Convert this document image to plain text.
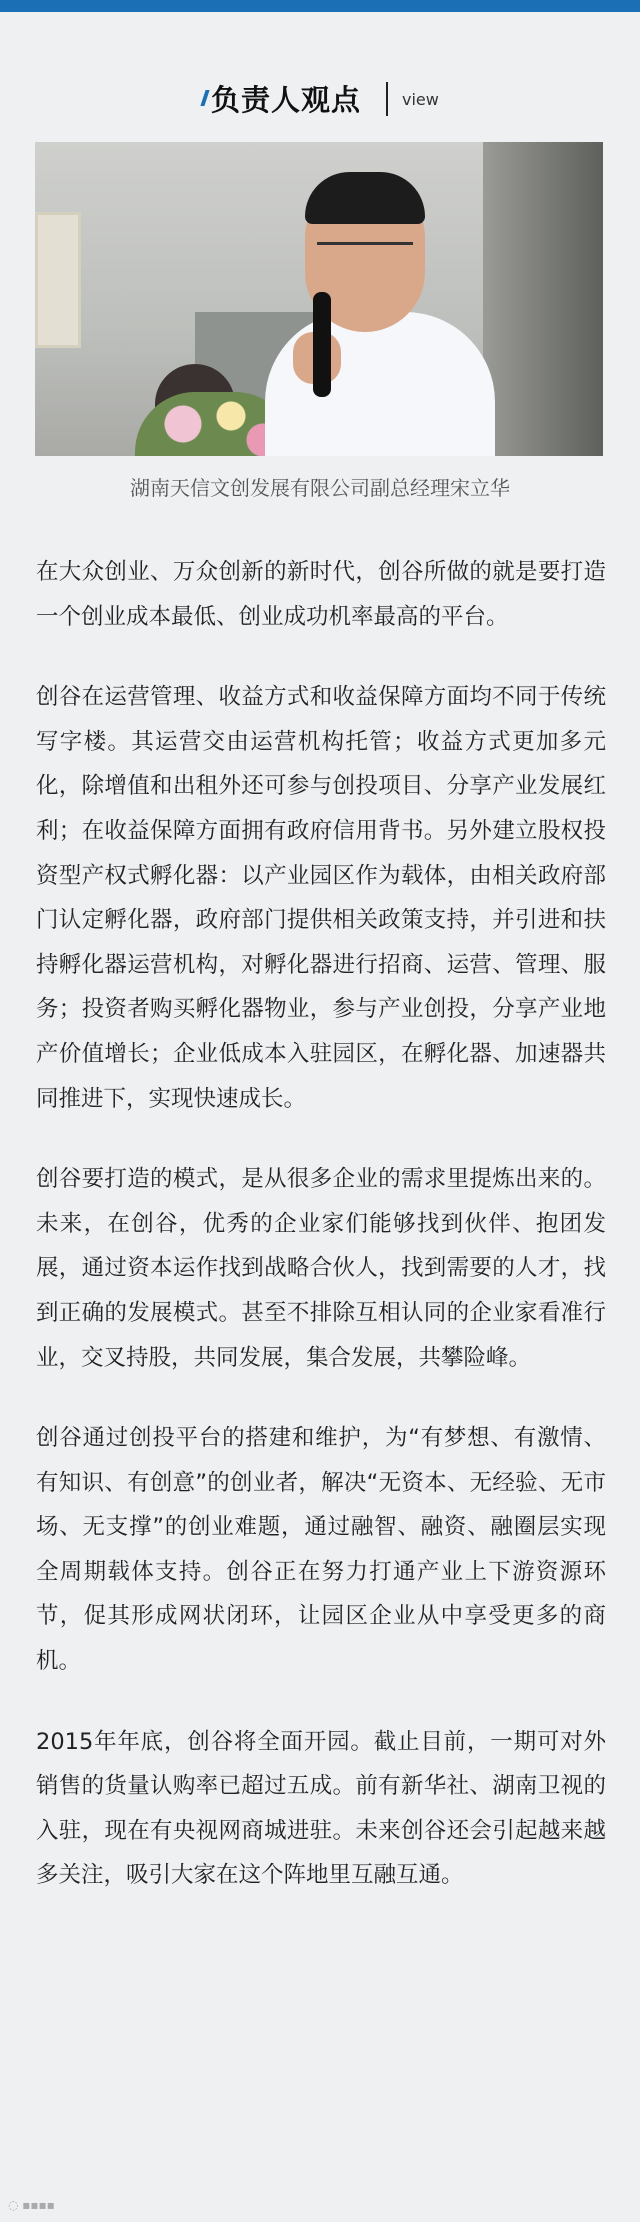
负责人观点	view
湖南天信文创发展有限公司副总经理宋立华

在大众创业、万众创新的新时代，创谷所做的就是要打造一个创业成本最低、创业成功机率最高的平台。

创谷在运营管理、收益方式和收益保障方面均不同于传统写字楼。其运营交由运营机构托管；收益方式更加多元化，除增值和出租外还可参与创投项目、分享产业发展红利；在收益保障方面拥有政府信用背书。另外建立股权投资型产权式孵化器：以产业园区作为载体，由相关政府部门认定孵化器，政府部门提供相关政策支持，并引进和扶持孵化器运营机构，对孵化器进行招商、运营、管理、服务；投资者购买孵化器物业，参与产业创投，分享产业地产价值增长；企业低成本入驻园区，在孵化器、加速器共同推进下，实现快速成长。

创谷要打造的模式，是从很多企业的需求里提炼出来的。未来，在创谷，优秀的企业家们能够找到伙伴、抱团发展，通过资本运作找到战略合伙人，找到需要的人才，找到正确的发展模式。甚至不排除互相认同的企业家看准行业，交叉持股，共同发展，集合发展，共攀险峰。

创谷通过创投平台的搭建和维护，为“有梦想、有激情、有知识、有创意”的创业者，解决“无资本、无经验、无市场、无支撑”的创业难题，通过融智、融资、融圈层实现全周期载体支持。创谷正在努力打通产业上下游资源环节，促其形成网状闭环，让园区企业从中享受更多的商机。

2015年年底，创谷将全面开园。截止目前，一期可对外销售的货量认购率已超过五成。前有新华社、湖南卫视的入驻，现在有央视网商城进驻。未来创谷还会引起越来越多关注，吸引大家在这个阵地里互融互通。

◌ ▪▪▪▪
